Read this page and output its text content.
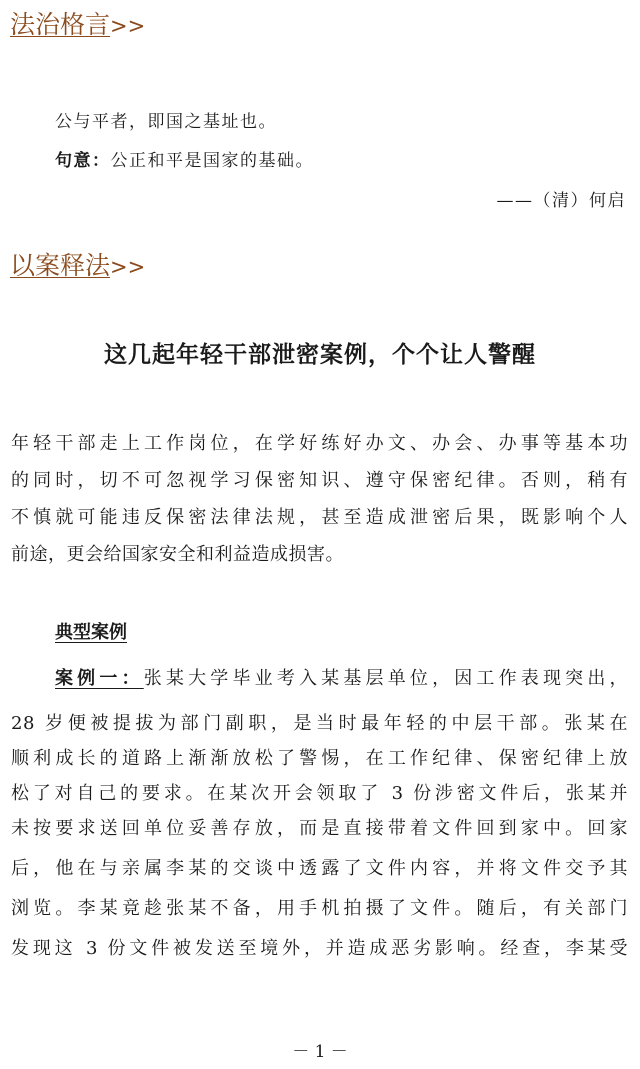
法治格言>>
公与平者，即国之基址也。
句意：公正和平是国家的基础。
——（清）何启
以案释法>>
这几起年轻干部泄密案例，个个让人警醒
年轻干部走上工作岗位，在学好练好办文、办会、办事等基本功
的同时，切不可忽视学习保密知识、遵守保密纪律。否则，稍有
不慎就可能违反保密法律法规，甚至造成泄密后果，既影响个人
前途，更会给国家安全和利益造成损害。
典型案例
案例一：张某大学毕业考入某基层单位，因工作表现突出，
28 岁便被提拔为部门副职，是当时最年轻的中层干部。张某在
顺利成长的道路上渐渐放松了警惕，在工作纪律、保密纪律上放
松了对自己的要求。在某次开会领取了 3 份涉密文件后，张某并
未按要求送回单位妥善存放，而是直接带着文件回到家中。回家
后，他在与亲属李某的交谈中透露了文件内容，并将文件交予其
浏览。李某竟趁张某不备，用手机拍摄了文件。随后，有关部门
发现这 3 份文件被发送至境外，并造成恶劣影响。经查，李某受
－ 1 －
